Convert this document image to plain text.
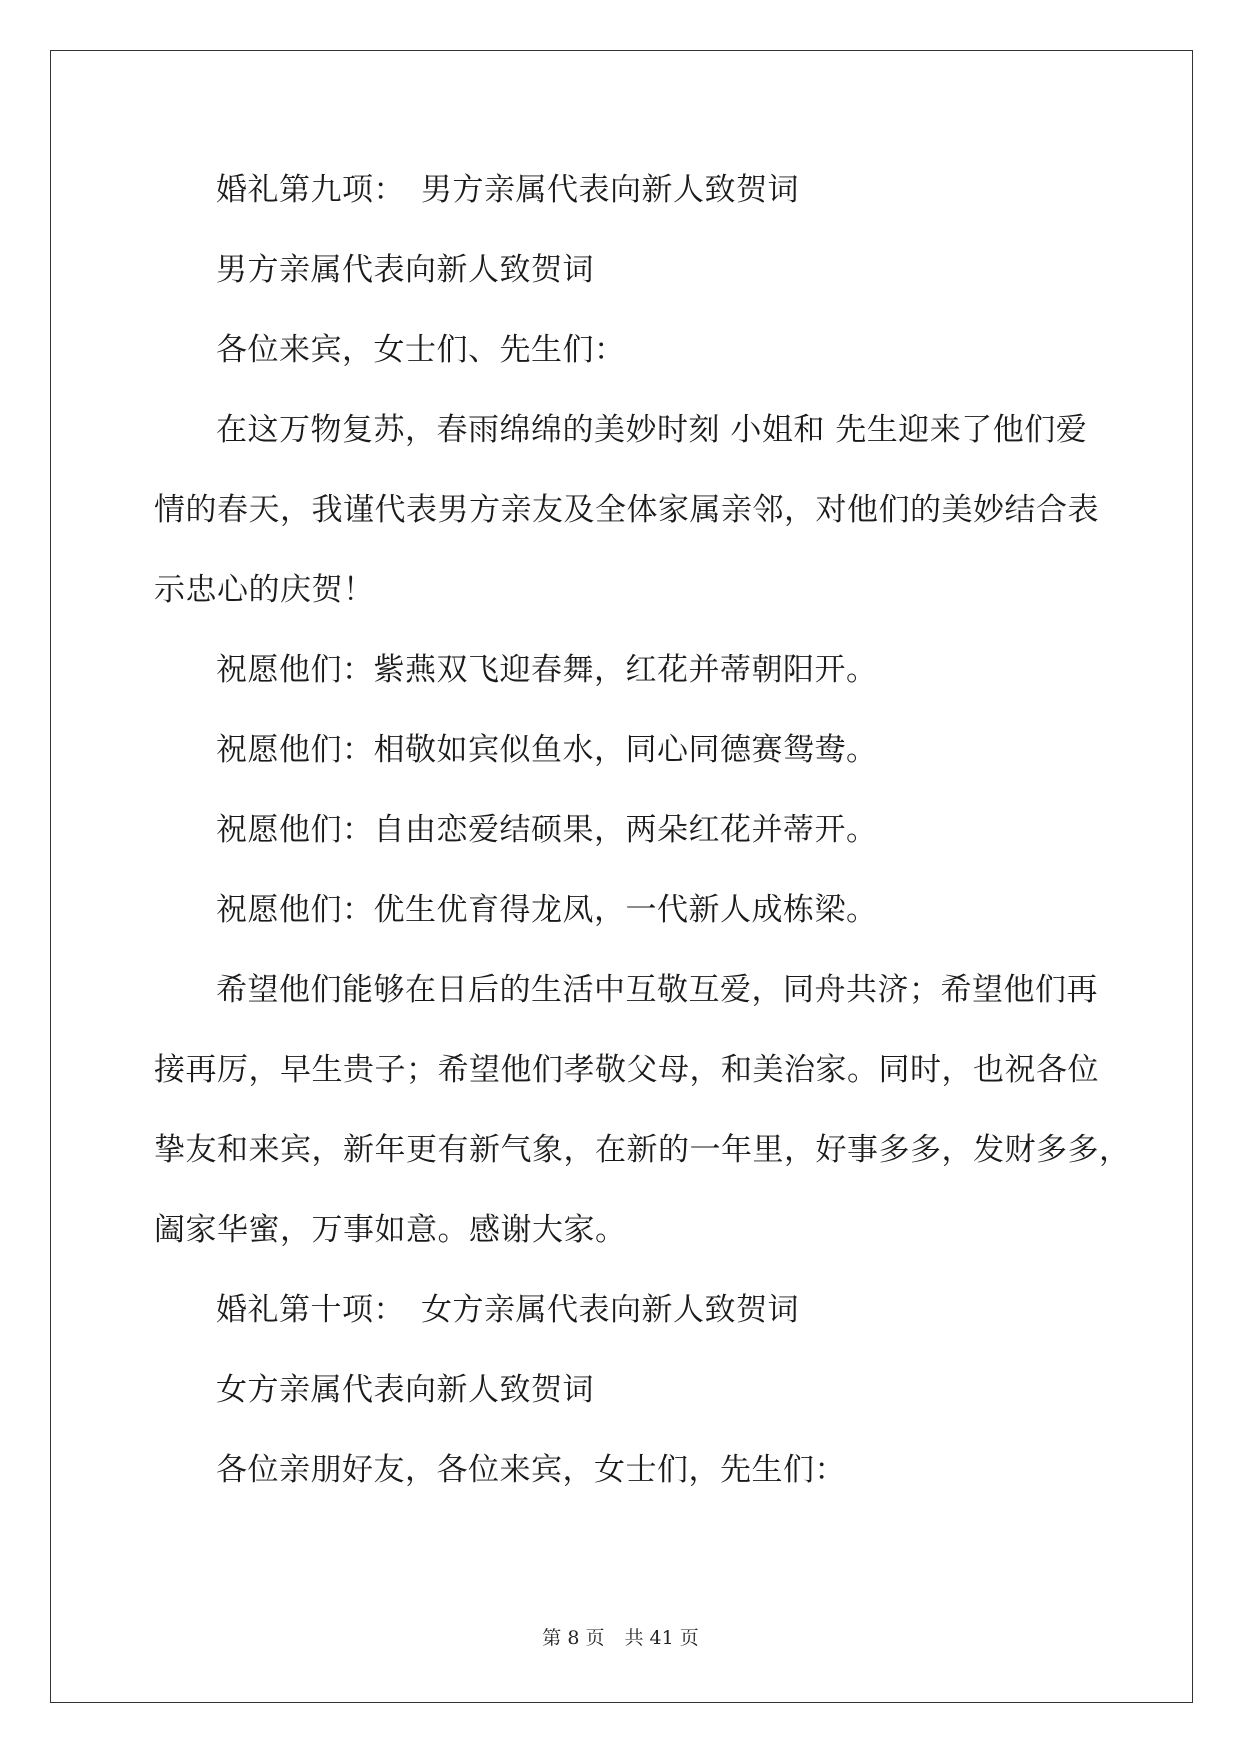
婚礼第九项：　男方亲属代表向新人致贺词
男方亲属代表向新人致贺词
各位来宾，女士们、先生们：
在这万物复苏，春雨绵绵的美妙时刻 小姐和 先生迎来了他们爱
情的春天，我谨代表男方亲友及全体家属亲邻，对他们的美妙结合表
示忠心的庆贺！
祝愿他们：紫燕双飞迎春舞，红花并蒂朝阳开。
祝愿他们：相敬如宾似鱼水，同心同德赛鸳鸯。
祝愿他们：自由恋爱结硕果，两朵红花并蒂开。
祝愿他们：优生优育得龙凤，一代新人成栋梁。
希望他们能够在日后的生活中互敬互爱，同舟共济；希望他们再
接再厉，早生贵子；希望他们孝敬父母，和美治家。同时，也祝各位
挚友和来宾，新年更有新气象，在新的一年里，好事多多，发财多多，
阖家华蜜，万事如意。感谢大家。
婚礼第十项：　女方亲属代表向新人致贺词
女方亲属代表向新人致贺词
各位亲朋好友，各位来宾，女士们，先生们：
第 8 页 共 41 页
